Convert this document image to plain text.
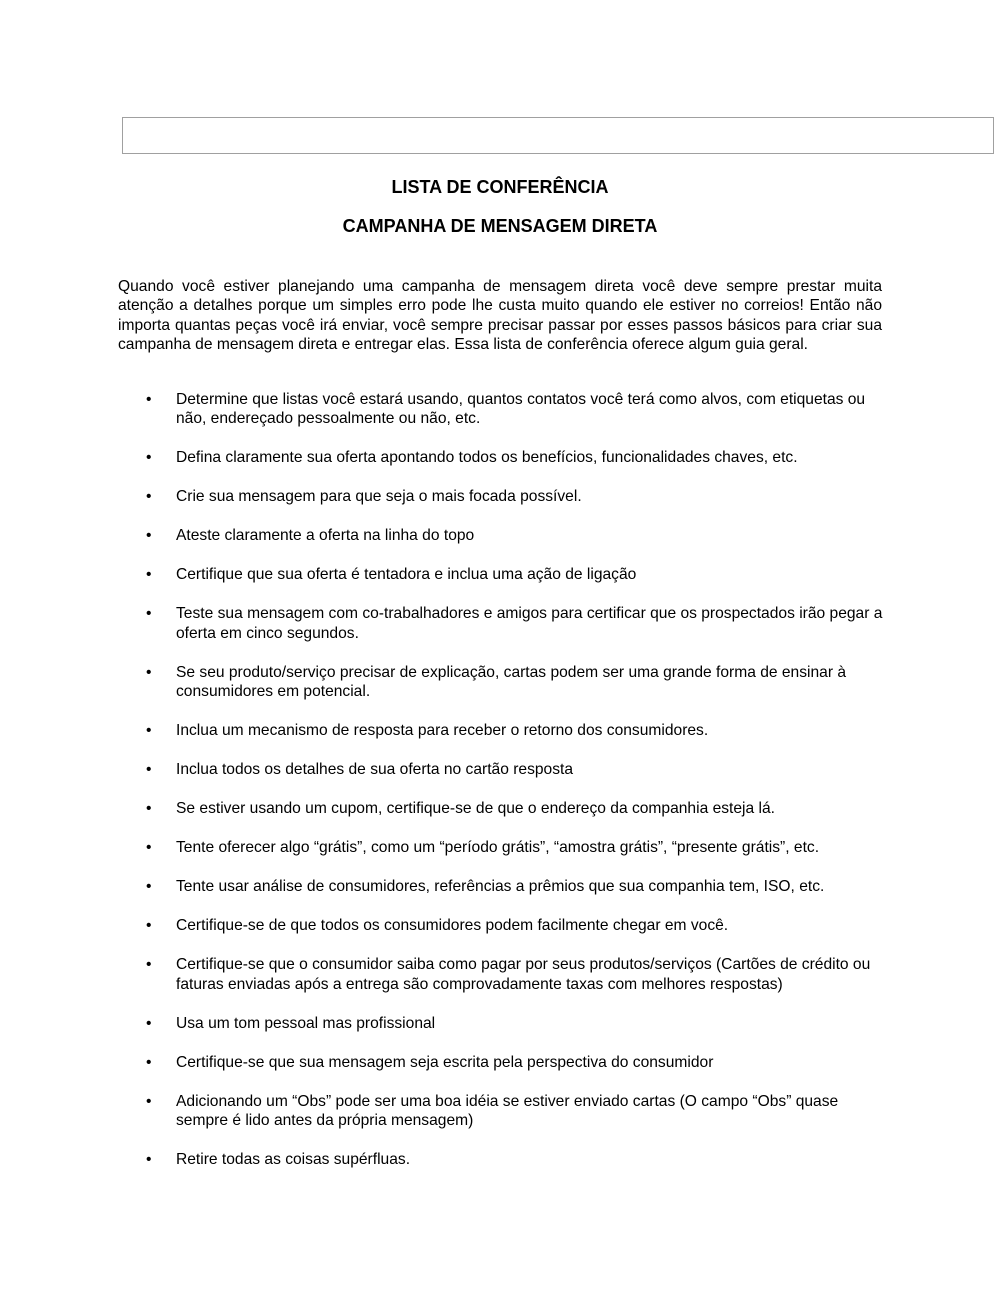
LISTA DE CONFERÊNCIA
CAMPANHA DE MENSAGEM DIRETA

Quando você estiver planejando uma campanha de mensagem direta você deve sempre prestar muita atenção a detalhes porque um simples erro pode lhe custa muito quando ele estiver no correios! Então não importa quantas peças você irá enviar, você sempre precisar passar por esses passos básicos para criar sua campanha de mensagem direta e entregar elas. Essa lista de conferência oferece algum guia geral.

• Determine que listas você estará usando, quantos contatos você terá como alvos, com etiquetas ou não, endereçado pessoalmente ou não, etc.
• Defina claramente sua oferta apontando todos os benefícios, funcionalidades chaves, etc.
• Crie sua mensagem para que seja o mais focada possível.
• Ateste claramente a oferta na linha do topo
• Certifique que sua oferta é tentadora e inclua uma ação de ligação
• Teste sua mensagem com co-trabalhadores e amigos para certificar que os prospectados irão pegar a oferta em cinco segundos.
• Se seu produto/serviço precisar de explicação, cartas podem ser uma grande forma de ensinar à consumidores em potencial.
• Inclua um mecanismo de resposta para receber o retorno dos consumidores.
• Inclua todos os detalhes de sua oferta no cartão resposta
• Se estiver usando um cupom, certifique-se de que o endereço da companhia esteja lá.
• Tente oferecer algo “grátis”, como um “período grátis”, “amostra grátis”, “presente grátis”, etc.
• Tente usar análise de consumidores, referências a prêmios que sua companhia tem, ISO, etc.
• Certifique-se de que todos os consumidores podem facilmente chegar em você.
• Certifique-se que o consumidor saiba como pagar por seus produtos/serviços (Cartões de crédito ou faturas enviadas após a entrega são comprovadamente taxas com melhores respostas)
• Usa um tom pessoal mas profissional
• Certifique-se que sua mensagem seja escrita pela perspectiva do consumidor
• Adicionando um “Obs” pode ser uma boa idéia se estiver enviado cartas (O campo “Obs” quase sempre é lido antes da própria mensagem)
• Retire todas as coisas supérfluas.
